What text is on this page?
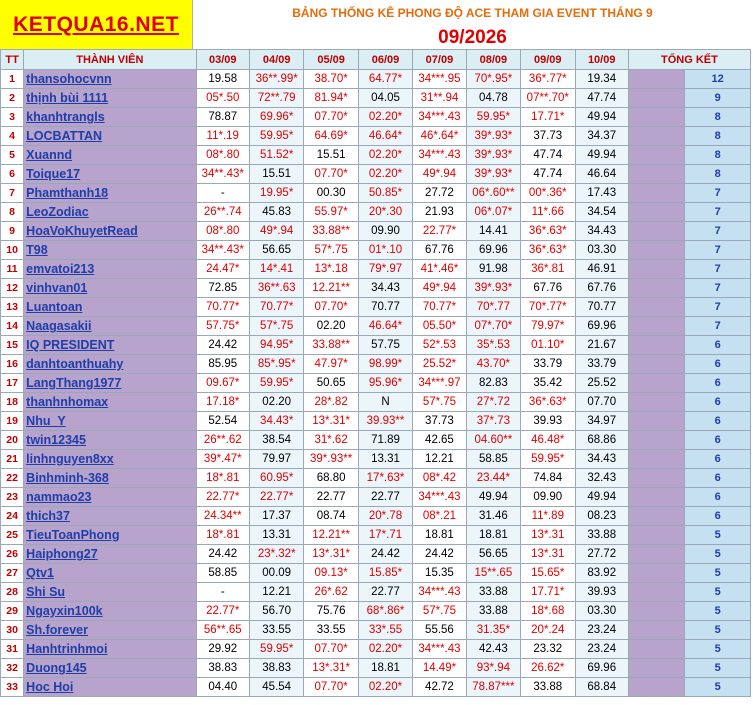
KETQUA16.NET	BẢNG THỐNG KÊ PHONG ĐỘ ACE THAM GIA EVENT THÁNG 9
09/2026
TT	THÀNH VIÊN	03/09	04/09	05/09	06/09	07/09	08/09	09/09	10/09	TỔNG KẾT	
1	thansohocvnn	19.58	36**.99*	38.70*	64.77*	34***.95	70*.95*	36*.77*	19.34		12
2	thịnh bùi 1111	05*.50	72**.79	81.94*	04.05	31**.94	04.78	07**.70*	47.74		9
3	khanhtrangls	78.87	69.96*	07.70*	02.20*	34***.43	59.95*	17.71*	49.94		8
4	LOCBATTAN	11*.19	59.95*	64.69*	46.64*	46*.64*	39*.93*	37.73	34.37		8
5	Xuannd	08*.80	51.52*	15.51	02.20*	34***.43	39*.93*	47.74	49.94		8
6	Toique17	34**.43*	15.51	07.70*	02.20*	49*.94	39*.93*	47.74	46.64		8
7	Phamthanh18	-	19.95*	00.30	50.85*	27.72	06*.60**	00*.36*	17.43		7
8	LeoZodiac	26**.74	45.83	55.97*	20*.30	21.93	06*.07*	11*.66	34.54		7
9	HoaVoKhuyetRead	08*.80	49*.94	33.88**	09.90	22.77*	14.41	36*.63*	34.43		7
10	T98	34**.43*	56.65	57*.75	01*.10	67.76	69.96	36*.63*	03.30		7
11	emvatoi213	24.47*	14*.41	13*.18	79*.97	41*.46*	91.98	36*.81	46.91		7
12	vinhvan01	72.85	36**.63	12.21**	34.43	49*.94	39*.93*	67.76	67.76		7
13	Luantoan	70.77*	70.77*	07.70*	70.77	70.77*	70*.77	70*.77*	70.77		7
14	Naagasakii	57.75*	57*.75	02.20	46.64*	05.50*	07*.70*	79.97*	69.96		7
15	IQ PRESIDENT	24.42	94.95*	33.88**	57.75	52*.53	35*.53	01.10*	21.67		6
16	danhtoanthuahy	85.95	85*.95*	47.97*	98.99*	25.52*	43.70*	33.79	33.79		6
17	LangThang1977	09.67*	59.95*	50.65	95.96*	34***.97	82.83	35.42	25.52		6
18	thanhnhomax	17.18*	02.20	28*.82	N	57*.75	27*.72	36*.63*	07.70		6
19	Nhu_Y	52.54	34.43*	13*.31*	39.93**	37.73	37*.73	39.93	34.97		6
20	twin12345	26**.62	38.54	31*.62	71.89	42.65	04.60**	46.48*	68.86		6
21	linhnguyen8xx	39*.47*	79.97	39*.93**	13.31	12.21	58.85	59.95*	34.43		6
22	Binhminh-368	18*.81	60.95*	68.80	17*.63*	08*.42	23.44*	74.84	32.43		6
23	nammao23	22.77*	22.77*	22.77	22.77	34***.43	49.94	09.90	49.94		6
24	thich37	24.34**	17.37	08.74	20*.78	08*.21	31.46	11*.89	08.23		6
25	TieuToanPhong	18*.81	13.31	12.21**	17*.71	18.81	18.81	13*.31	33.88		5
26	Haiphong27	24.42	23*.32*	13*.31*	24.42	24.42	56.65	13*.31	27.72		5
27	Qtv1	58.85	00.09	09.13*	15.85*	15.35	15**.65	15.65*	83.92		5
28	Shi Su	-	12.21	26*.62	22.77	34***.43	33.88	17.71*	39.93		5
29	Ngayxin100k	22.77*	56.70	75.76	68*.86*	57*.75	33.88	18*.68	03.30		5
30	Sh.forever	56**.65	33.55	33.55	33*.55	55.56	31.35*	20*.24	23.24		5
31	Hanhtrinhmoi	29.92	59.95*	07.70*	02.20*	34***.43	42.43	23.32	23.24		5
32	Duong145	38.83	38.83	13*.31*	18.81	14.49*	93*.94	26.62*	69.96		5
33	Hoc Hoi	04.40	45.54	07.70*	02.20*	42.72	78.87***	33.88	68.84		5
